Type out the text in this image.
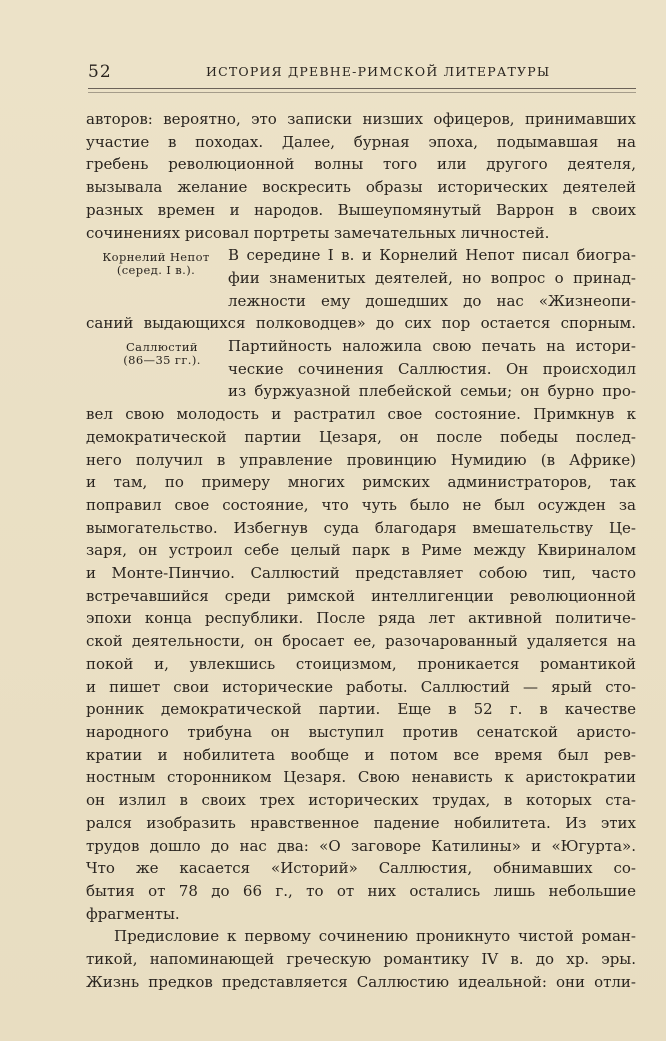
52	ИСТОРИЯ ДРЕВНЕ-РИМСКОЙ ЛИТЕРАТУРЫ
Корнелий Непот
(серед. I в.).
Саллюстий
(86—35 гг.).
авторов: вероятно, это записки низших офицеров, принимавших
участие в походах. Далее, бурная эпоха, подымавшая на
гребень революционной волны того или другого деятеля,
вызывала желание воскресить образы исторических деятелей
разных времен и народов. Вышеупомянутый Варрон в своих
сочинениях рисовал портреты замечательных личностей.
В середине I в. и Корнелий Непот писал биогра-
фии знаменитых деятелей, но вопрос о принад-
лежности ему дошедших до нас «Жизнеопи-
саний выдающихся полководцев» до сих пор остается спорным.
Партийность наложила свою печать на истори-
ческие сочинения Саллюстия. Он происходил
из буржуазной плебейской семьи; он бурно про-
вел свою молодость и растратил свое состояние. Примкнув к
демократической партии Цезаря, он после победы послед-
него получил в управление провинцию Нумидию (в Африке)
и там, по примеру многих римских администраторов, так
поправил свое состояние, что чуть было не был осужден за
вымогательство. Избегнув суда благодаря вмешательству Це-
заря, он устроил себе целый парк в Риме между Квириналом
и Монте-Пинчио. Саллюстий представляет собою тип, часто
встречавшийся среди римской интеллигенции революционной
эпохи конца республики. После ряда лет активной политиче-
ской деятельности, он бросает ее, разочарованный удаляется на
покой и, увлекшись стоицизмом, проникается романтикой
и пишет свои исторические работы. Саллюстий — ярый сто-
ронник демократической партии. Еще в 52 г. в качестве
народного трибуна он выступил против сенатской аристо-
кратии и нобилитета вообще и потом все время был рев-
ностным сторонником Цезаря. Свою ненависть к аристократии
он излил в своих трех исторических трудах, в которых ста-
рался изобразить нравственное падение нобилитета. Из этих
трудов дошло до нас два: «О заговоре Катилины» и «Югурта».
Что же касается «Историй» Саллюстия, обнимавших со-
бытия от 78 до 66 г., то от них остались лишь небольшие
фрагменты.
Предисловие к первому сочинению проникнуто чистой роман-
тикой, напоминающей греческую романтику IV в. до хр. эры.
Жизнь предков представляется Саллюстию идеальной: они отли-
